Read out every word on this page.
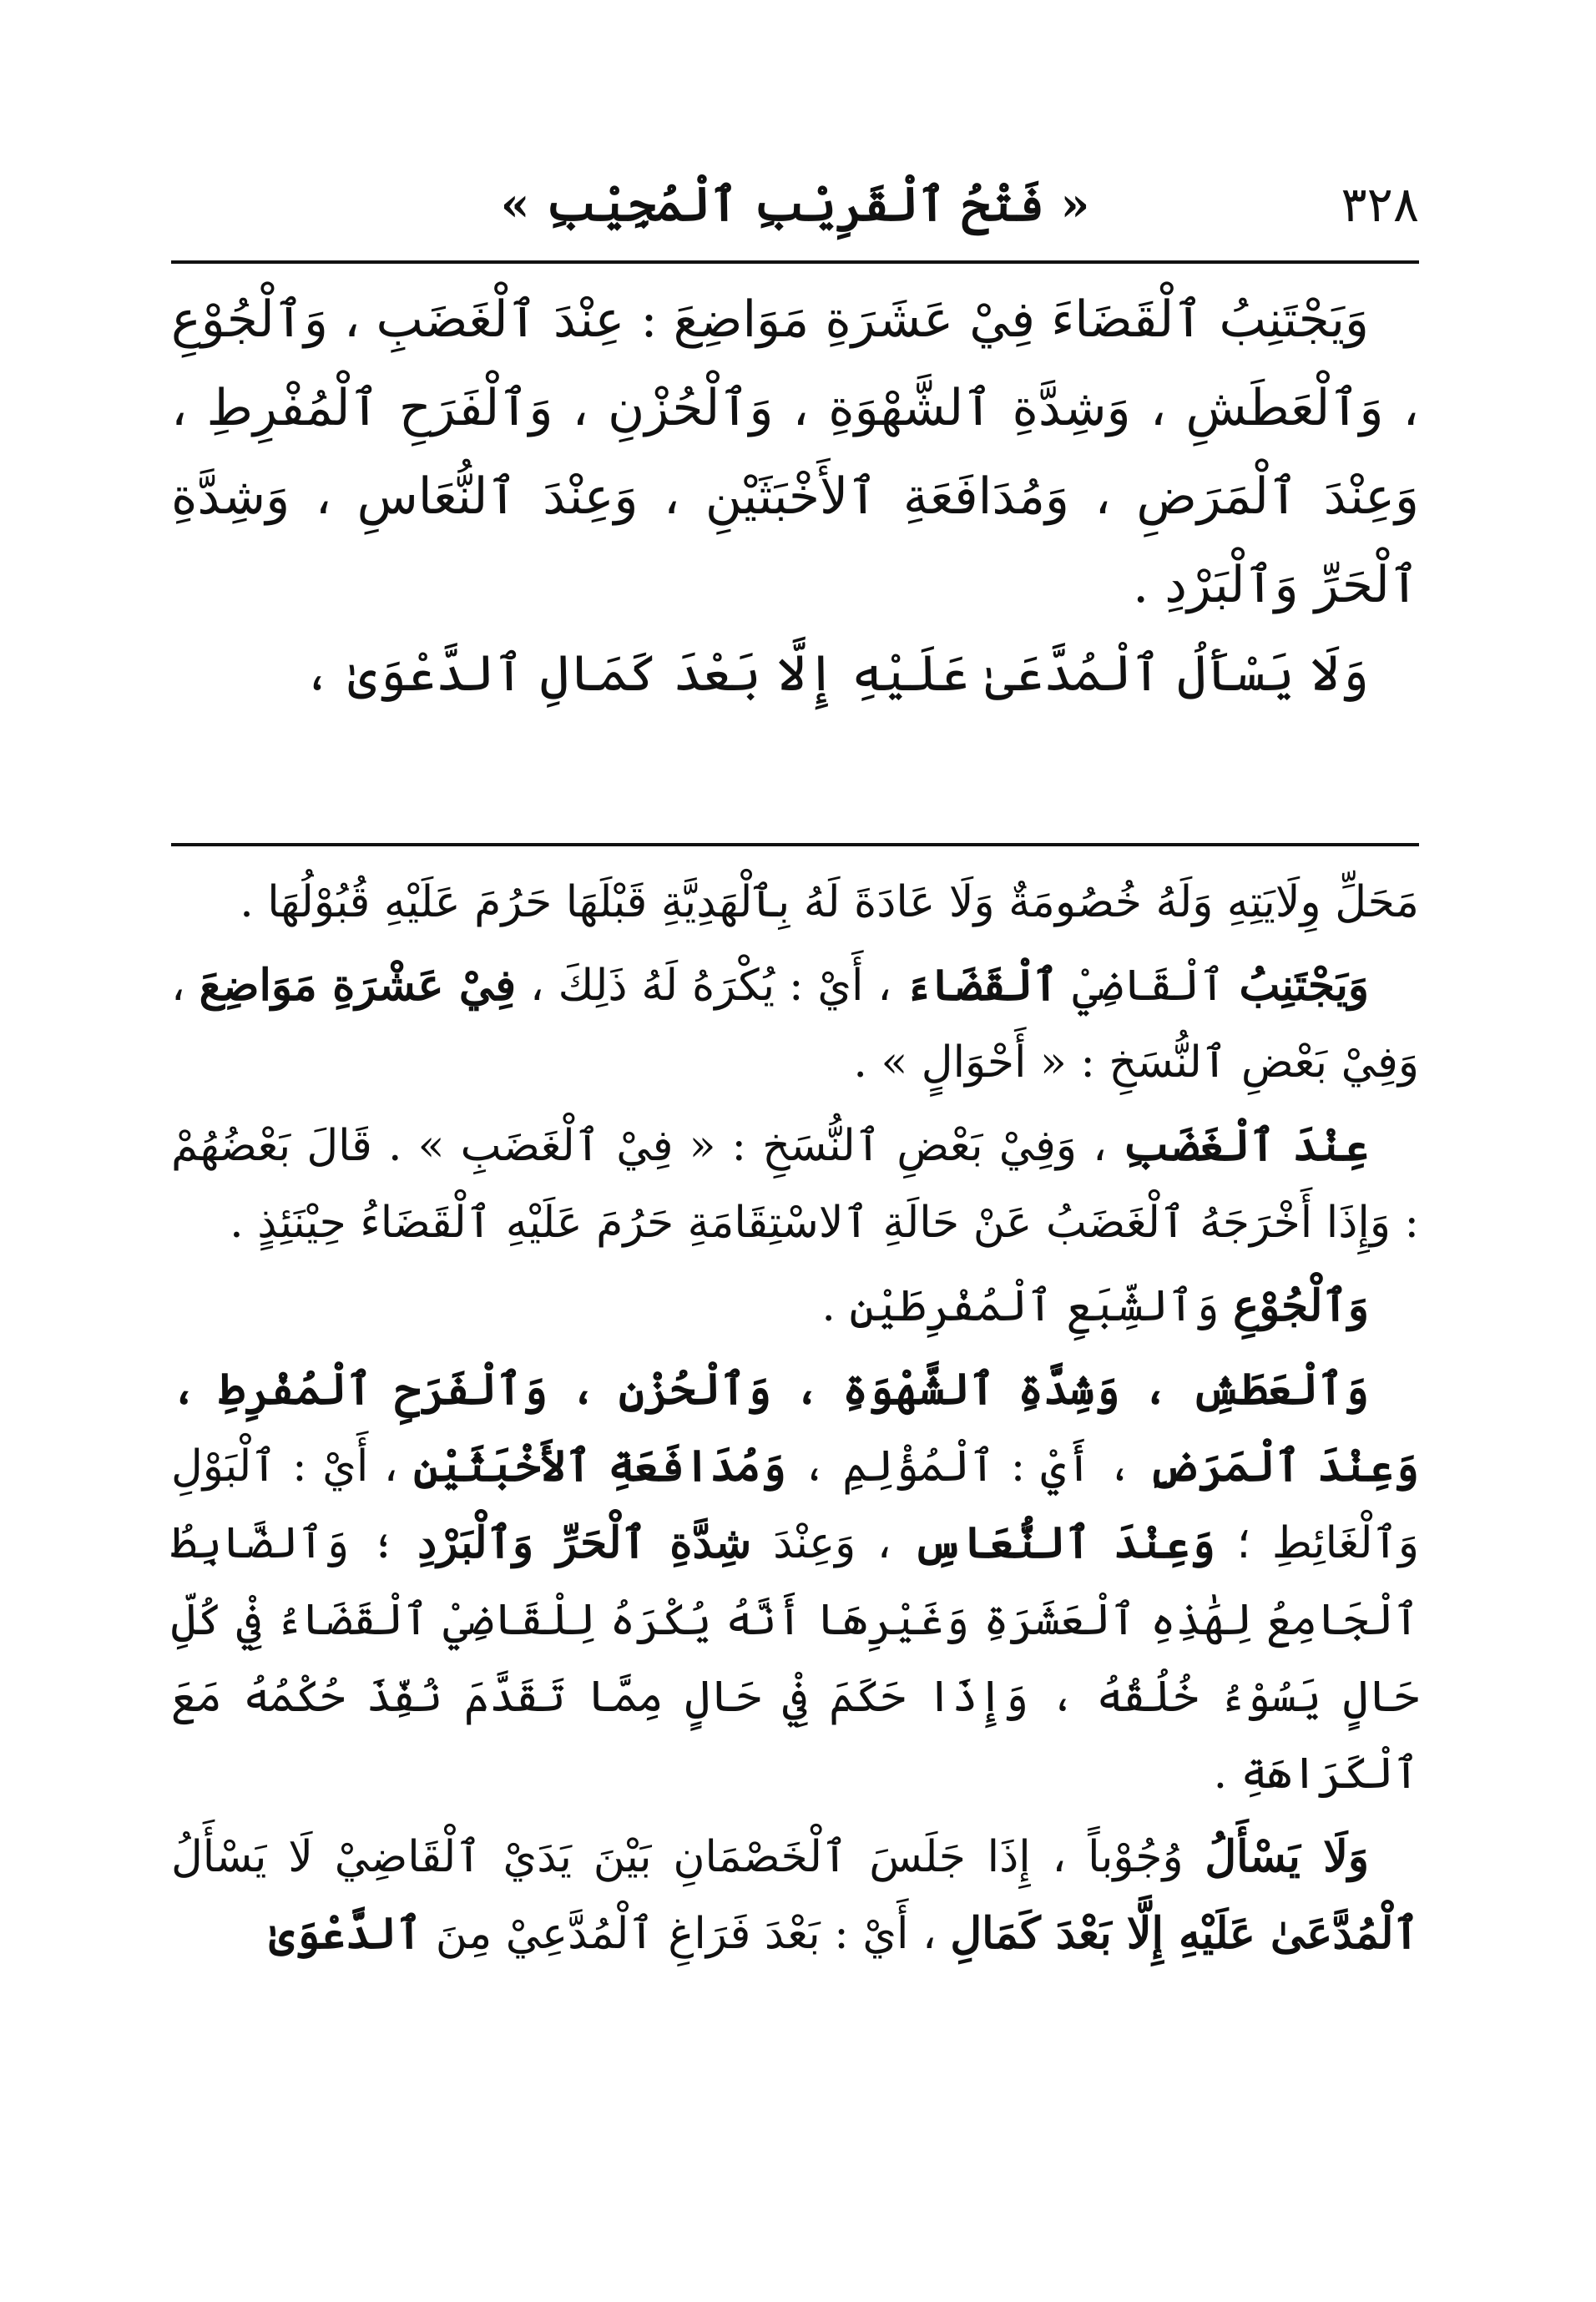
٣٢٨
« فَتْحُ ٱلْقَرِيْبِ ٱلْمُجِيْبِ »

وَيَجْتَنِبُ ٱلْقَضَاءَ فِيْ عَشَرَةِ مَوَاضِعَ : عِنْدَ ٱلْغَضَبِ ، وَٱلْجُوْعِ ، وَٱلْعَطَشِ ، وَشِدَّةِ ٱلشَّهْوَةِ ، وَٱلْحُزْنِ ، وَٱلْفَرَحِ ٱلْمُفْرِطِ ، وَعِنْدَ ٱلْمَرَضِ ، وَمُدَافَعَةِ ٱلأَخْبَثَيْنِ ، وَعِنْدَ ٱلنُّعَاسِ ، وَشِدَّةِ ٱلْحَرِّ وَٱلْبَرْدِ .

وَلَا يَسْأَلُ ٱلْمُدَّعَىٰ عَلَيْهِ إِلَّا بَعْدَ كَمَالِ ٱلدَّعْوَىٰ ،

مَحَلِّ وِلَايَتِهِ وَلَهُ خُصُومَةٌ وَلَا عَادَةَ لَهُ بِٱلْهَدِيَّةِ قَبْلَهَا حَرُمَ عَلَيْهِ قُبُوْلُهَا .

وَيَجْتَنِبُ ٱلْقَاضِيْ ٱلْقَضَاءَ ، أَيْ : يُكْرَهُ لَهُ ذَلِكَ ، فِيْ عَشْرَةِ مَوَاضِعَ ، وَفِيْ بَعْضِ ٱلنُّسَخِ : « أَحْوَالٍ » .

عِنْدَ ٱلْغَضَبِ ، وَفِيْ بَعْضِ ٱلنُّسَخِ : « فِيْ ٱلْغَضَبِ » . قَالَ بَعْضُهُمْ : وَإِذَا أَخْرَجَهُ ٱلْغَضَبُ عَنْ حَالَةِ ٱلاسْتِقَامَةِ حَرُمَ عَلَيْهِ ٱلْقَضَاءُ حِيْنَئِذٍ .

وَٱلْجُوْعِ وَٱلشِّبَعِ ٱلْمُفْرِطَيْنِ .

وَٱلْعَطَشِ ، وَشِدَّةِ ٱلشَّهْوَةِ ، وَٱلْحُزْنِ ، وَٱلْفَرَحِ ٱلْمُفْرِطِ ، وَعِنْدَ ٱلْمَرَضِ ، أَيْ : ٱلْمُؤْلِمِ ، وَمُدَافَعَةِ ٱلأَخْبَثَيْنِ ، أَيْ : ٱلْبَوْلِ وَٱلْغَائِطِ ؛ وَعِنْدَ ٱلنُّعَاسِ ، وَعِنْدَ شِدَّةِ ٱلْحَرِّ وَٱلْبَرْدِ ؛ وَٱلضَّابِطُ ٱلْجَامِعُ لِهَٰذِهِ ٱلْعَشَرَةِ وَغَيْرِهَا أَنَّهُ يُكْرَهُ لِلْقَاضِيْ ٱلْقَضَاءُ فِيْ كُلِّ حَالٍ يَسُوْءُ خُلُقُهُ ، وَإِذَا حَكَمَ فِيْ حَالٍ مِمَّا تَقَدَّمَ نُفِّذَ حُكْمُهُ مَعَ ٱلْكَرَاهَةِ .

وَلَا يَسْأَلُ وُجُوْباً ، إِذَا جَلَسَ ٱلْخَصْمَانِ بَيْنَ يَدَيْ ٱلْقَاضِيْ لَا يَسْأَلُ ٱلْمُدَّعَىٰ عَلَيْهِ إِلَّا بَعْدَ كَمَالِ ، أَيْ : بَعْدَ فَرَاغِ ٱلْمُدَّعِيْ مِنَ ٱلدَّعْوَىٰ
